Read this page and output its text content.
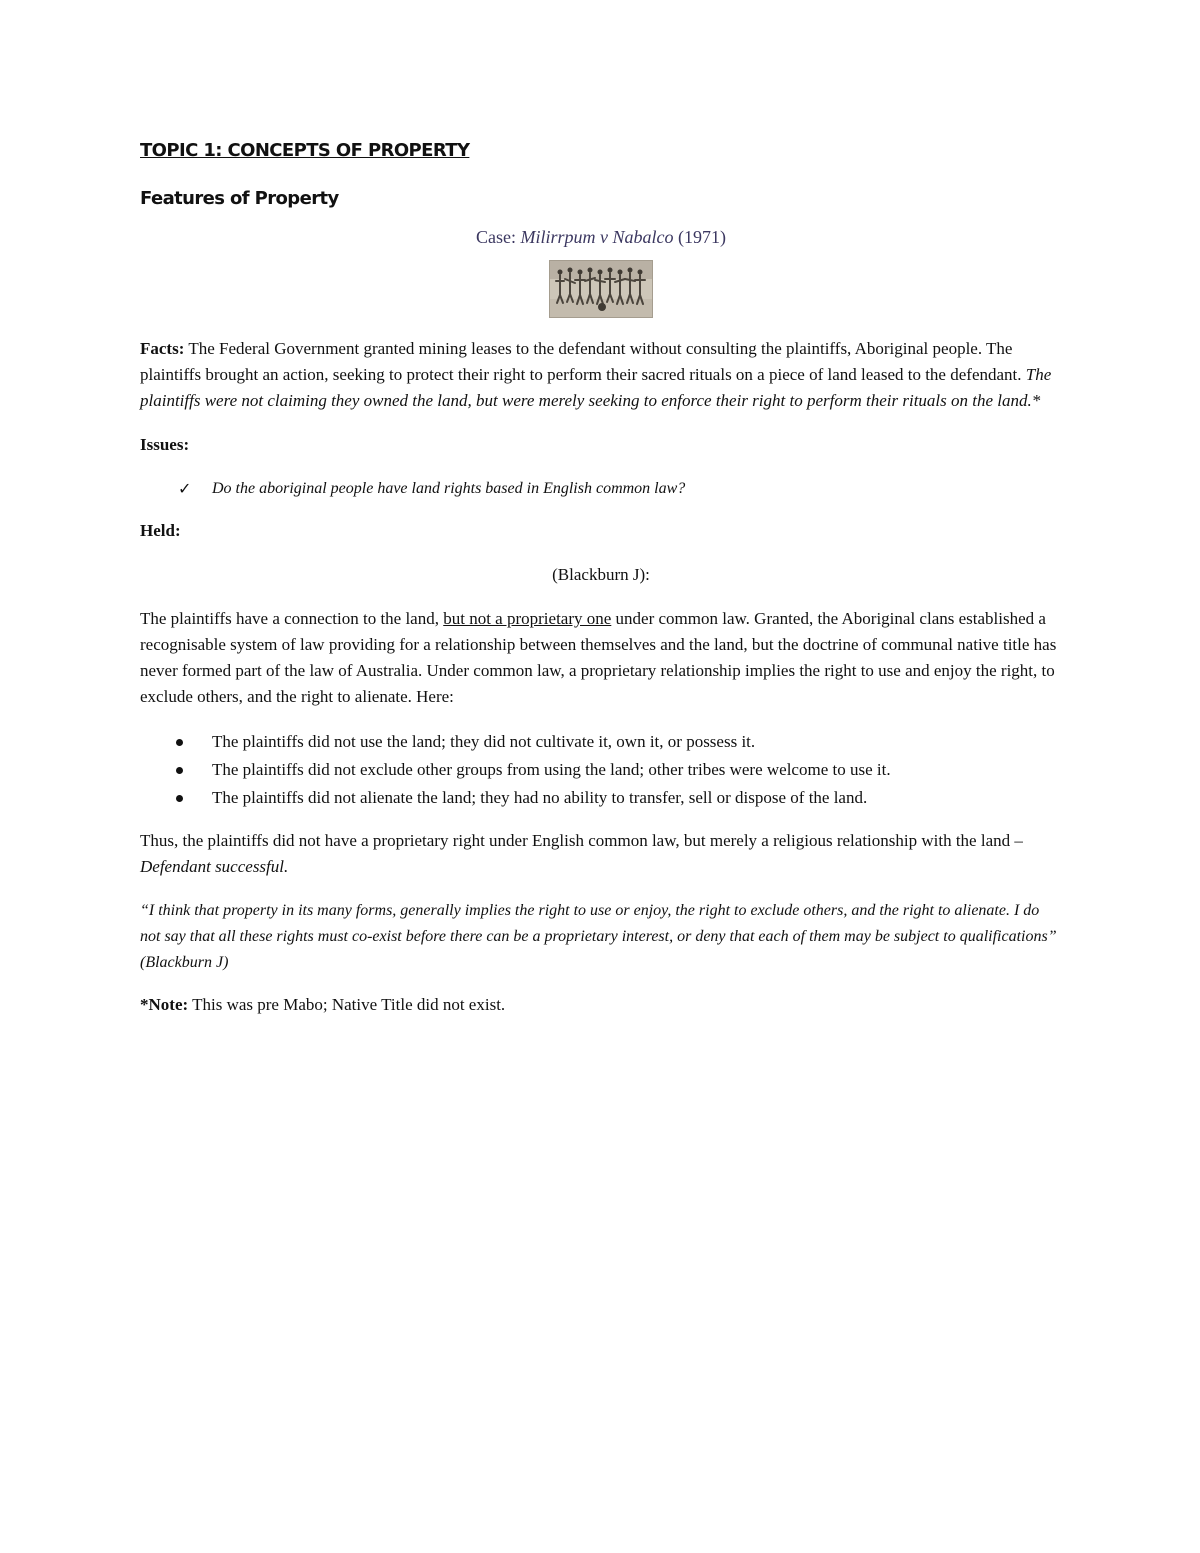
TOPIC 1: CONCEPTS OF PROPERTY
Features of Property
Case: Milirrpum v Nabalco (1971)

Facts: The Federal Government granted mining leases to the defendant without consulting the plaintiffs, Aboriginal people. The plaintiffs brought an action, seeking to protect their right to perform their sacred rituals on a piece of land leased to the defendant. The plaintiffs were not claiming they owned the land, but were merely seeking to enforce their right to perform their rituals on the land.*

Issues:

✓ Do the aboriginal people have land rights based in English common law?

Held:

(Blackburn J):

The plaintiffs have a connection to the land, but not a proprietary one under common law. Granted, the Aboriginal clans established a recognisable system of law providing for a relationship between themselves and the land, but the doctrine of communal native title has never formed part of the law of Australia. Under common law, a proprietary relationship implies the right to use and enjoy the right, to exclude others, and the right to alienate. Here:

The plaintiffs did not use the land; they did not cultivate it, own it, or possess it.
The plaintiffs did not exclude other groups from using the land; other tribes were welcome to use it.
The plaintiffs did not alienate the land; they had no ability to transfer, sell or dispose of the land.

Thus, the plaintiffs did not have a proprietary right under English common law, but merely a religious relationship with the land – Defendant successful.

“I think that property in its many forms, generally implies the right to use or enjoy, the right to exclude others, and the right to alienate. I do not say that all these rights must co-exist before there can be a proprietary interest, or deny that each of them may be subject to qualifications” (Blackburn J)

*Note: This was pre Mabo; Native Title did not exist.
